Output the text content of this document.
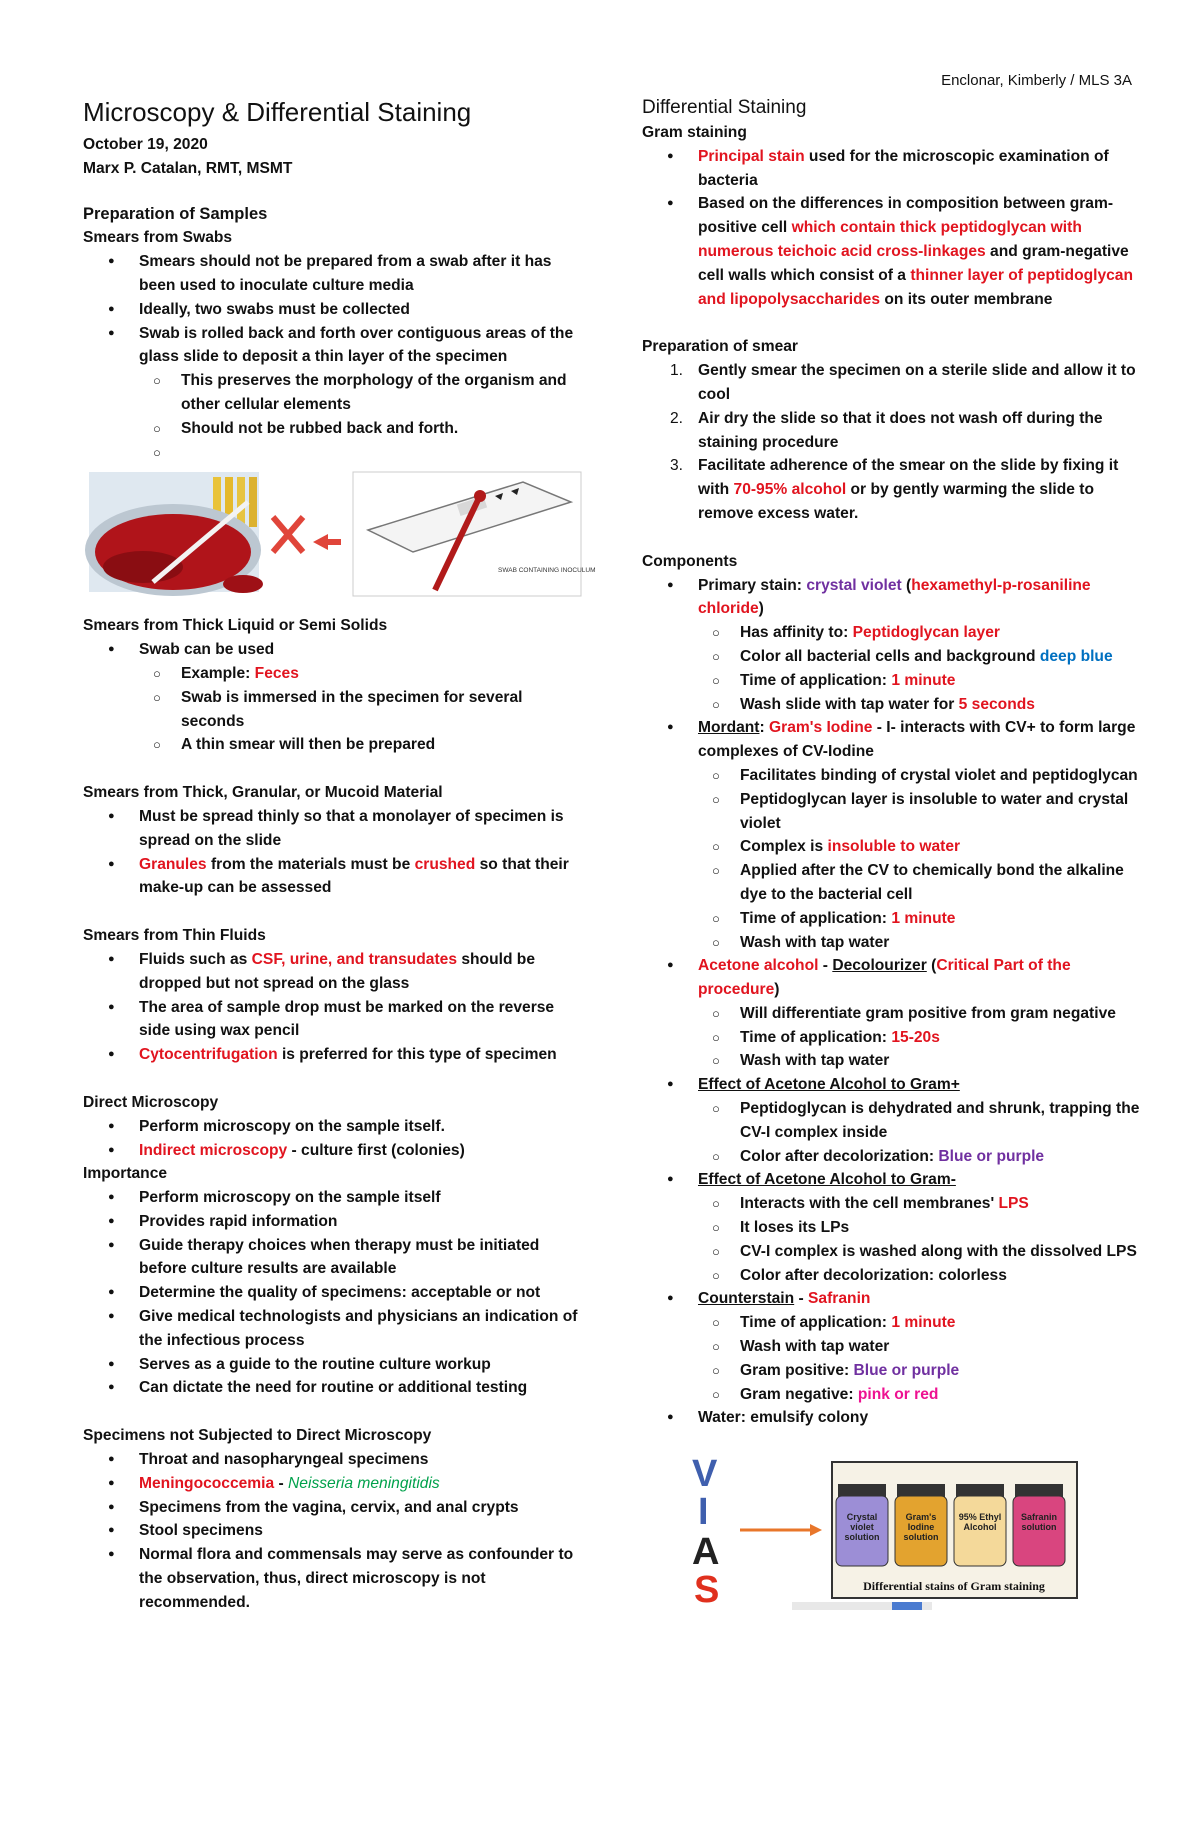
Enclonar, Kimberly / MLS 3A
Microscopy & Differential Staining
October 19, 2020
Marx P. Catalan, RMT, MSMT
Preparation of Samples
Smears from Swabs
● Smears should not be prepared from a swab after it has been used to inoculate culture media
● Ideally, two swabs must be collected
● Swab is rolled back and forth over contiguous areas of the glass slide to deposit a thin layer of the specimen
○ This preserves the morphology of the organism and other cellular elements
○ Should not be rubbed back and forth.
○
SWAB CONTAINING INOCULUM
Smears from Thick Liquid or Semi Solids
● Swab can be used
○ Example: Feces
○ Swab is immersed in the specimen for several seconds
○ A thin smear will then be prepared
Smears from Thick, Granular, or Mucoid Material
● Must be spread thinly so that a monolayer of specimen is spread on the slide
● Granules from the materials must be crushed so that their make-up can be assessed
Smears from Thin Fluids
● Fluids such as CSF, urine, and transudates should be dropped but not spread on the glass
● The area of sample drop must be marked on the reverse side using wax pencil
● Cytocentrifugation is preferred for this type of specimen
Direct Microscopy
● Perform microscopy on the sample itself.
● Indirect microscopy - culture first (colonies)
Importance
● Perform microscopy on the sample itself
● Provides rapid information
● Guide therapy choices when therapy must be initiated before culture results are available
● Determine the quality of specimens: acceptable or not
● Give medical technologists and physicians an indication of the infectious process
● Serves as a guide to the routine culture workup
● Can dictate the need for routine or additional testing
Specimens not Subjected to Direct Microscopy
● Throat and nasopharyngeal specimens
● Meningococcemia - Neisseria meningitidis
● Specimens from the vagina, cervix, and anal crypts
● Stool specimens
● Normal flora and commensals may serve as confounder to the observation, thus, direct microscopy is not recommended.
Differential Staining
Gram staining
● Principal stain used for the microscopic examination of bacteria
● Based on the differences in composition between gram-positive cell which contain thick peptidoglycan with numerous teichoic acid cross-linkages and gram-negative cell walls which consist of a thinner layer of peptidoglycan and lipopolysaccharides on its outer membrane
Preparation of smear
1. Gently smear the specimen on a sterile slide and allow it to cool
2. Air dry the slide so that it does not wash off during the staining procedure
3. Facilitate adherence of the smear on the slide by fixing it with 70-95% alcohol or by gently warming the slide to remove excess water.
Components
● Primary stain: crystal violet (hexamethyl-p-rosaniline chloride)
○ Has affinity to: Peptidoglycan layer
○ Color all bacterial cells and background deep blue
○ Time of application: 1 minute
○ Wash slide with tap water for 5 seconds
● Mordant: Gram's Iodine - I- interacts with CV+ to form large complexes of CV-Iodine
○ Facilitates binding of crystal violet and peptidoglycan
○ Peptidoglycan layer is insoluble to water and crystal violet
○ Complex is insoluble to water
○ Applied after the CV to chemically bond the alkaline dye to the bacterial cell
○ Time of application: 1 minute
○ Wash with tap water
● Acetone alcohol - Decolourizer (Critical Part of the procedure)
○ Will differentiate gram positive from gram negative
○ Time of application: 15-20s
○ Wash with tap water
● Effect of Acetone Alcohol to Gram+
○ Peptidoglycan is dehydrated and shrunk, trapping the CV-I complex inside
○ Color after decolorization: Blue or purple
● Effect of Acetone Alcohol to Gram-
○ Interacts with the cell membranes' LPS
○ It loses its LPs
○ CV-I complex is washed along with the dissolved LPS
○ Color after decolorization: colorless
● Counterstain - Safranin
○ Time of application: 1 minute
○ Wash with tap water
○ Gram positive: Blue or purple
○ Gram negative: pink or red
● Water: emulsify colony
V
I
A
S
Crystal violet solution
Gram's Iodine solution
95% Ethyl Alcohol
Safranin solution
Differential stains of Gram staining
